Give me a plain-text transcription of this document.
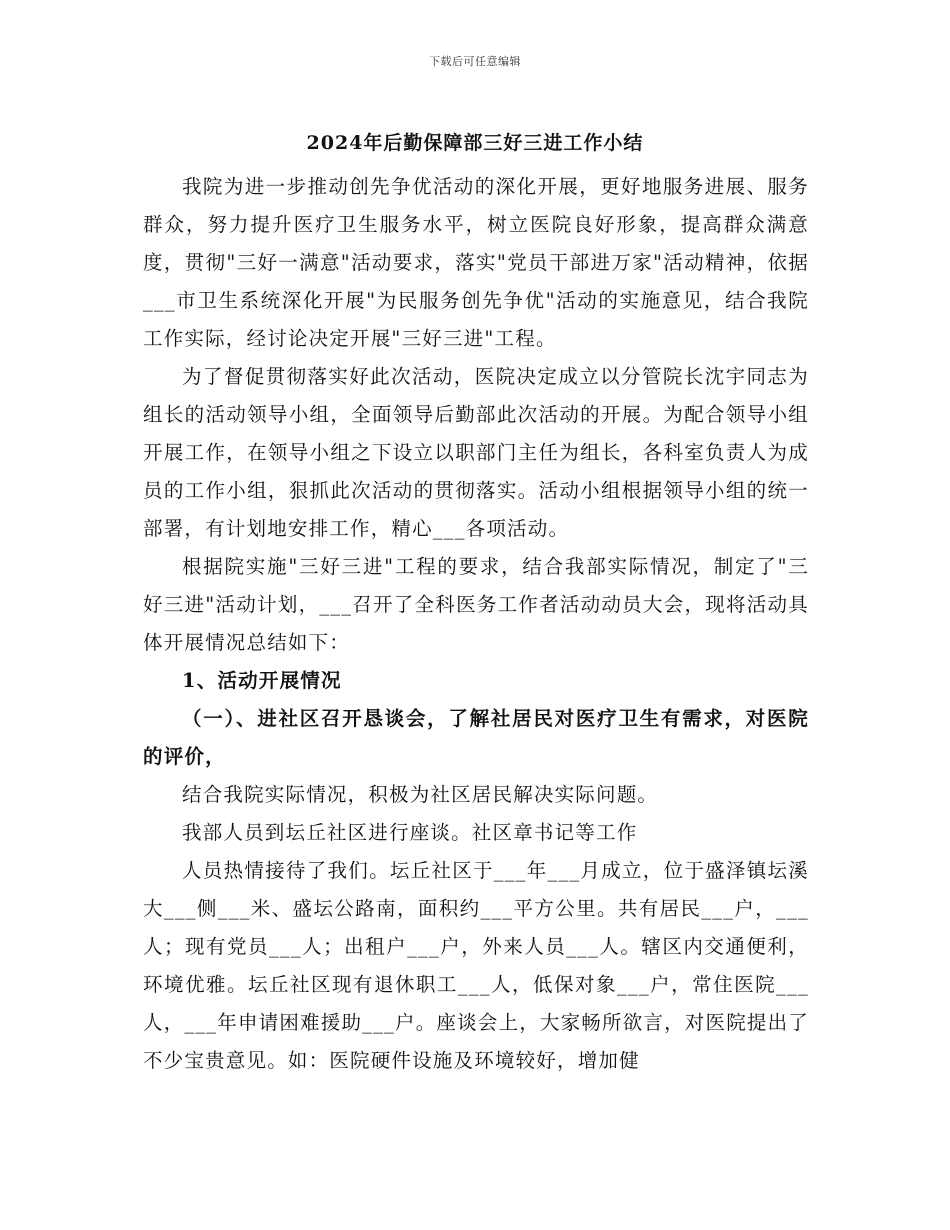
下载后可任意编辑
2024年后勤保障部三好三进工作小结

我院为进一步推动创先争优活动的深化开展，更好地服务进展、服务群众，努力提升医疗卫生服务水平，树立医院良好形象，提高群众满意度，贯彻"三好一满意"活动要求，落实"党员干部进万家"活动精神，依据___市卫生系统深化开展"为民服务创先争优"活动的实施意见，结合我院工作实际，经讨论决定开展"三好三进"工程。

为了督促贯彻落实好此次活动，医院决定成立以分管院长沈宇同志为组长的活动领导小组，全面领导后勤部此次活动的开展。为配合领导小组开展工作，在领导小组之下设立以职部门主任为组长，各科室负责人为成员的工作小组，狠抓此次活动的贯彻落实。活动小组根据领导小组的统一部署，有计划地安排工作，精心___各项活动。

根据院实施"三好三进"工程的要求，结合我部实际情况，制定了"三好三进"活动计划，___召开了全科医务工作者活动动员大会，现将活动具体开展情况总结如下：

1、活动开展情况

（一）、进社区召开恳谈会，了解社居民对医疗卫生有需求，对医院的评价，

结合我院实际情况，积极为社区居民解决实际问题。

我部人员到坛丘社区进行座谈。社区章书记等工作

人员热情接待了我们。坛丘社区于___年___月成立，位于盛泽镇坛溪大___侧___米、盛坛公路南，面积约___平方公里。共有居民___户，___人；现有党员___人；出租户___户，外来人员___人。辖区内交通便利，环境优雅。坛丘社区现有退休职工___人，低保对象___户，常住医院___人，___年申请困难援助___户。座谈会上，大家畅所欲言，对医院提出了不少宝贵意见。如：医院硬件设施及环境较好，增加健
